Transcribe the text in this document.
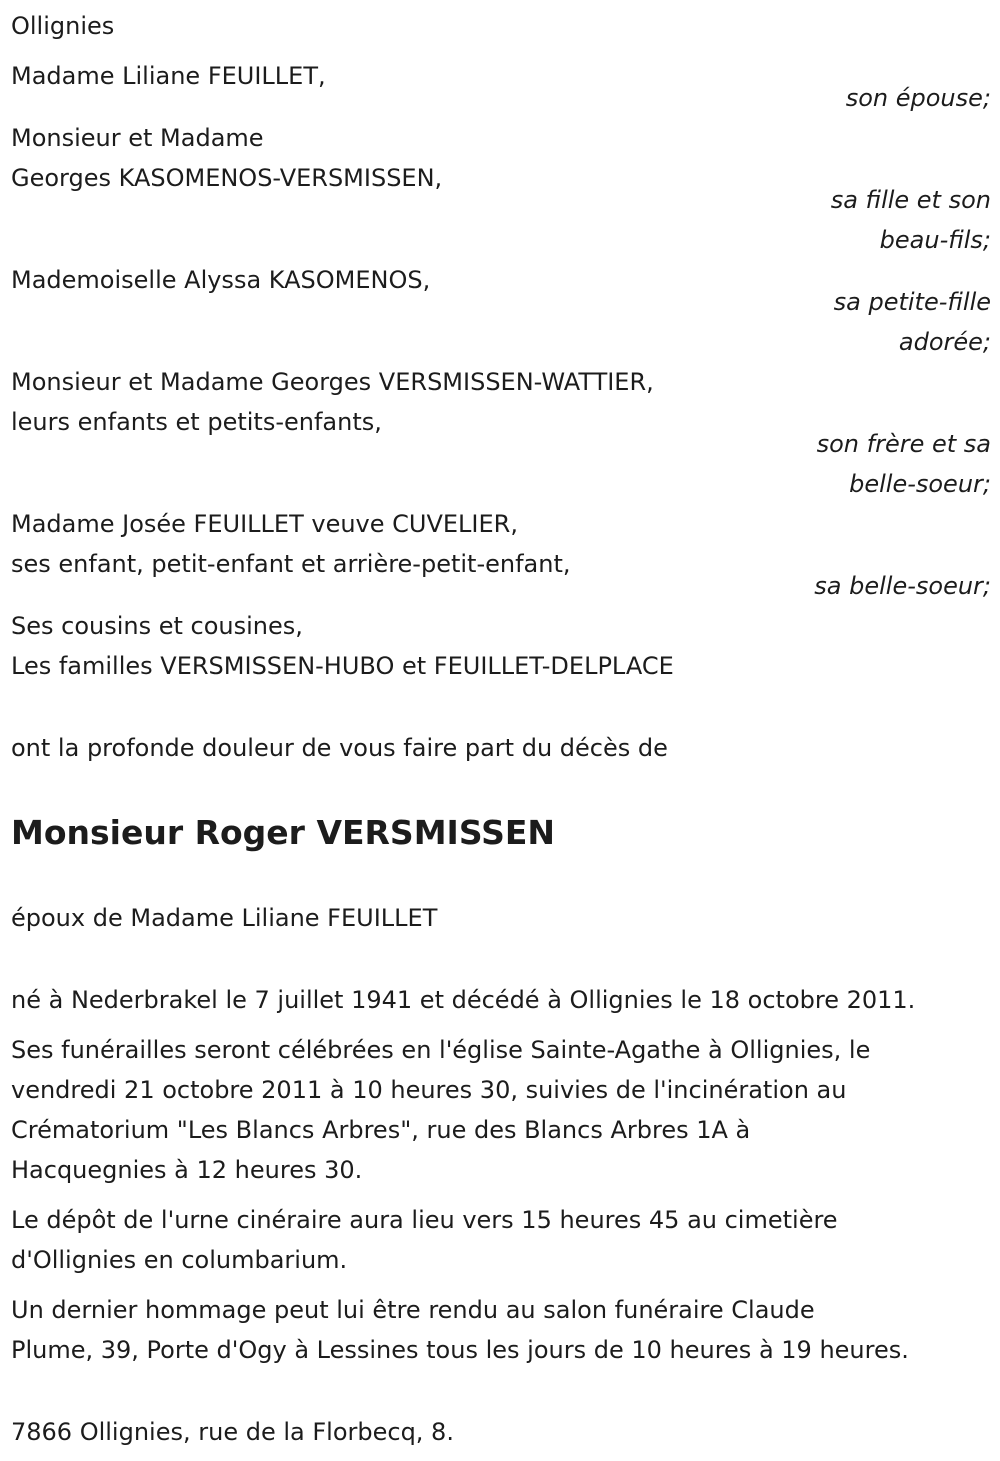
Ollignies
Madame Liliane FEUILLET,
son épouse;
Monsieur et Madame
Georges KASOMENOS-VERSMISSEN,
sa fille et son
beau-fils;
Mademoiselle Alyssa KASOMENOS,
sa petite-fille
adorée;
Monsieur et Madame Georges VERSMISSEN-WATTIER,
leurs enfants et petits-enfants,
son frère et sa
belle-soeur;
Madame Josée FEUILLET veuve CUVELIER,
ses enfant, petit-enfant et arrière-petit-enfant,
sa belle-soeur;
Ses cousins et cousines,
Les familles VERSMISSEN-HUBO et FEUILLET-DELPLACE
ont la profonde douleur de vous faire part du décès de
Monsieur Roger VERSMISSEN
époux de Madame Liliane FEUILLET
né à Nederbrakel le 7 juillet 1941 et décédé à Ollignies le 18 octobre 2011.
Ses funérailles seront célébrées en l'église Sainte-Agathe à Ollignies, le
vendredi 21 octobre 2011 à 10 heures 30, suivies de l'incinération au
Crématorium "Les Blancs Arbres", rue des Blancs Arbres 1A à
Hacquegnies à 12 heures 30.
Le dépôt de l'urne cinéraire aura lieu vers 15 heures 45 au cimetière
d'Ollignies en columbarium.
Un dernier hommage peut lui être rendu au salon funéraire Claude
Plume, 39, Porte d'Ogy à Lessines tous les jours de 10 heures à 19 heures.
7866 Ollignies, rue de la Florbecq, 8.
